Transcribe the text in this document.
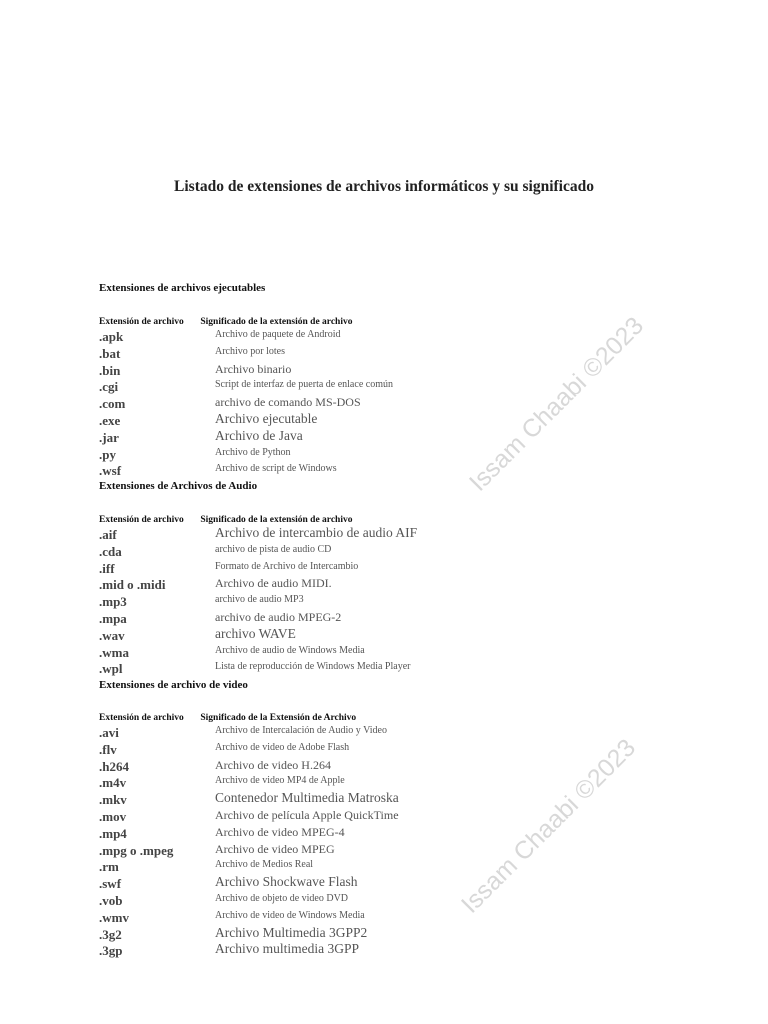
Listado de extensiones de archivos informáticos y su significado
Issam Chaabi ©2023
Issam Chaabi ©2023
Extensiones de archivos ejecutables
Extensión de archivo Significado de la extensión de archivo
.apk	Archivo de paquete de Android
.bat	Archivo por lotes
.bin	Archivo binario
.cgi	Script de interfaz de puerta de enlace común
.com	archivo de comando MS-DOS
.exe	Archivo ejecutable
.jar	Archivo de Java
.py	Archivo de Python
.wsf	Archivo de script de Windows
Extensiones de Archivos de Audio
Extensión de archivo Significado de la extensión de archivo
.aif	Archivo de intercambio de audio AIF
.cda	archivo de pista de audio CD
.iff	Formato de Archivo de Intercambio
.mid o .midi	Archivo de audio MIDI.
.mp3	archivo de audio MP3
.mpa	archivo de audio MPEG-2
.wav	archivo WAVE
.wma	Archivo de audio de Windows Media
.wpl	Lista de reproducción de Windows Media Player
Extensiones de archivo de video
Extensión de archivo Significado de la Extensión de Archivo
.avi	Archivo de Intercalación de Audio y Video
.flv	Archivo de video de Adobe Flash
.h264	Archivo de video H.264
.m4v	Archivo de video MP4 de Apple
.mkv	Contenedor Multimedia Matroska
.mov	Archivo de película Apple QuickTime
.mp4	Archivo de video MPEG-4
.mpg o .mpeg	Archivo de video MPEG
.rm	Archivo de Medios Real
.swf	Archivo Shockwave Flash
.vob	Archivo de objeto de video DVD
.wmv	Archivo de video de Windows Media
.3g2	Archivo Multimedia 3GPP2
.3gp	Archivo multimedia 3GPP
